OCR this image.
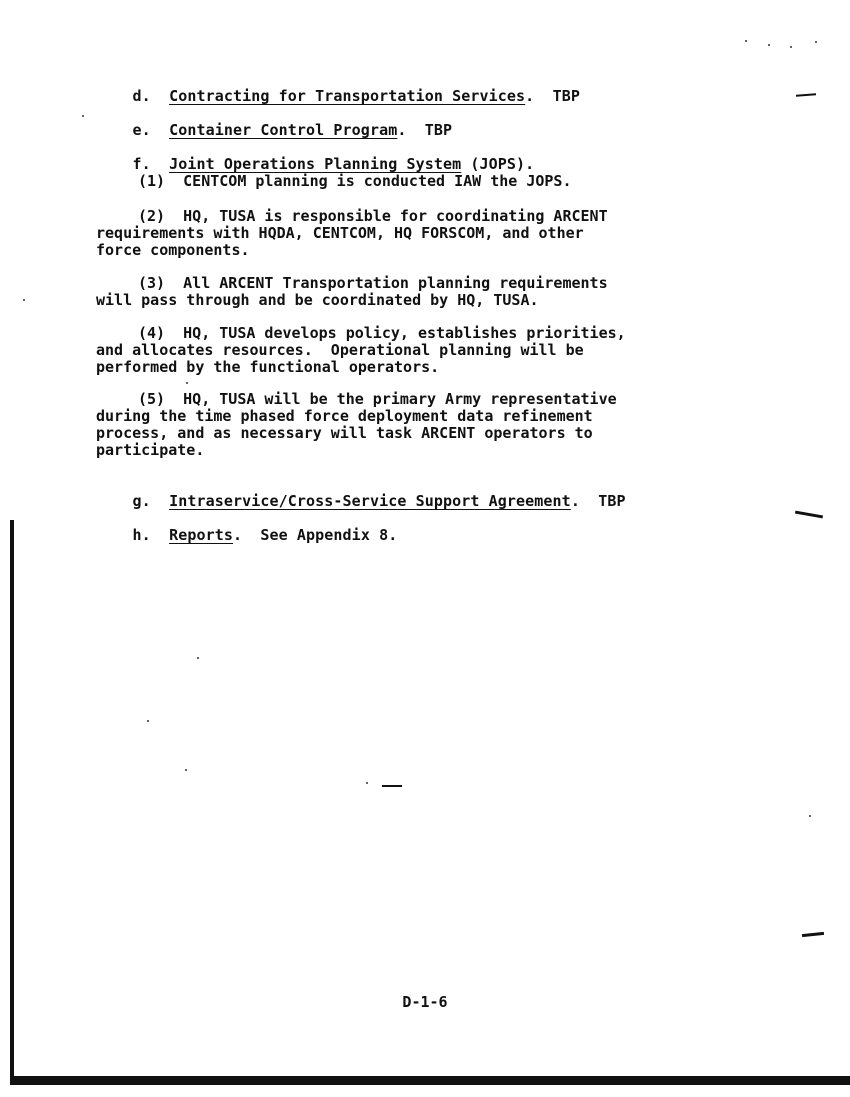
d. Contracting for Transportation Services.  TBP

e. Container Control Program.  TBP

f. Joint Operations Planning System (JOPS).

(1)  CENTCOM planning is conducted IAW the JOPS.
(2)  HQ, TUSA is responsible for coordinating ARCENT
requirements with HQDA, CENTCOM, HQ FORSCOM, and other
force components.
(3)  All ARCENT Transportation planning requirements
will pass through and be coordinated by HQ, TUSA.
(4)  HQ, TUSA develops policy, establishes priorities,
and allocates resources.  Operational planning will be
performed by the functional operators.
(5)  HQ, TUSA will be the primary Army representative
during the time phased force deployment data refinement
process, and as necessary will task ARCENT operators to
participate.

g. Intraservice/Cross-Service Support Agreement.  TBP

h. Reports.  See Appendix 8.

D-1-6
